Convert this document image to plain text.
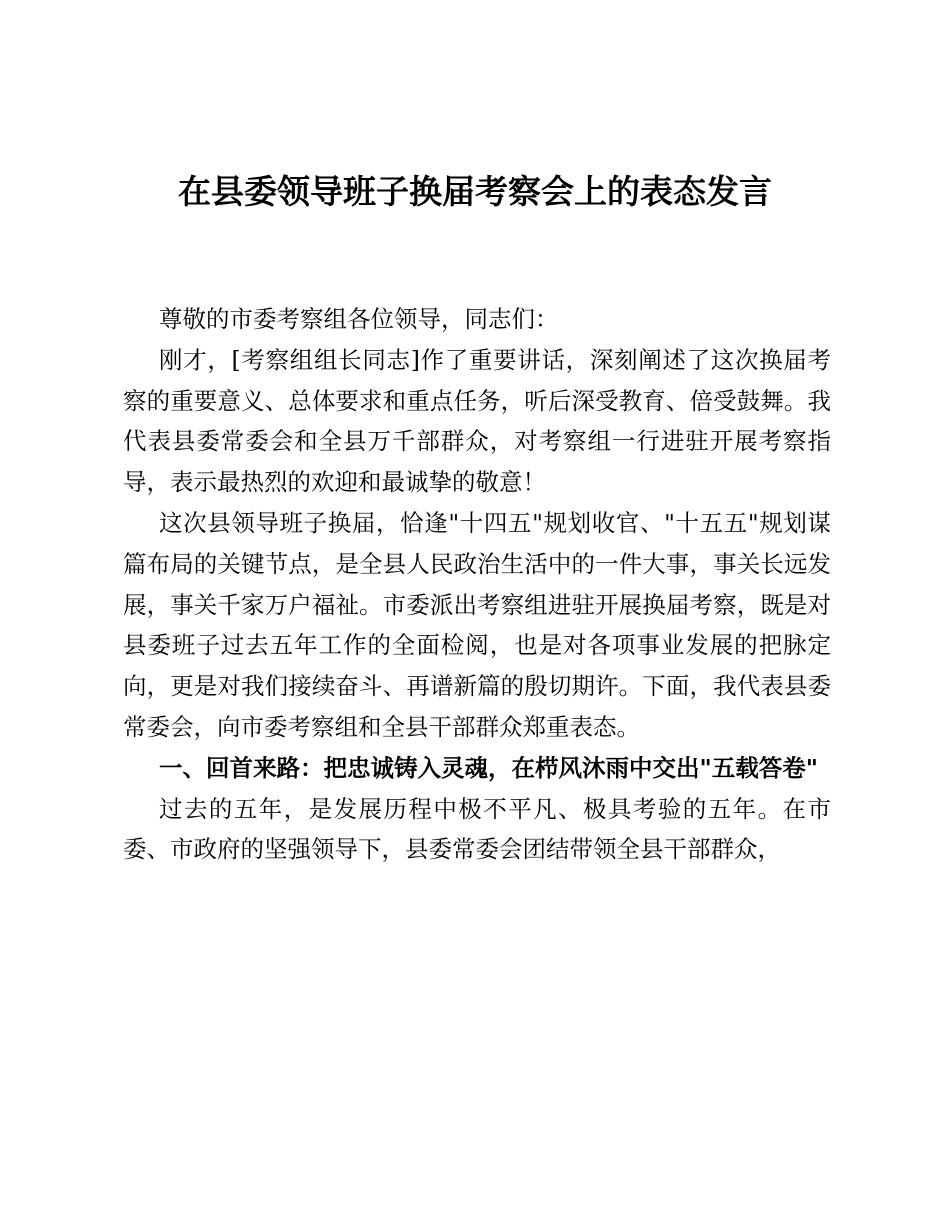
在县委领导班子换届考察会上的表态发言

尊敬的市委考察组各位领导，同志们：

刚才，[考察组组长同志]作了重要讲话，深刻阐述了这次换届考察的重要意义、总体要求和重点任务，听后深受教育、倍受鼓舞。我代表县委常委会和全县万千部群众，对考察组一行进驻开展考察指导，表示最热烈的欢迎和最诚挚的敬意！

这次县领导班子换届，恰逢"十四五"规划收官、"十五五"规划谋篇布局的关键节点，是全县人民政治生活中的一件大事，事关长远发展，事关千家万户福祉。市委派出考察组进驻开展换届考察，既是对县委班子过去五年工作的全面检阅，也是对各项事业发展的把脉定向，更是对我们接续奋斗、再谱新篇的殷切期许。下面，我代表县委常委会，向市委考察组和全县干部群众郑重表态。

一、回首来路：把忠诚铸入灵魂，在栉风沐雨中交出"五载答卷"

过去的五年，是发展历程中极不平凡、极具考验的五年。在市委、市政府的坚强领导下，县委常委会团结带领全县干部群众，
